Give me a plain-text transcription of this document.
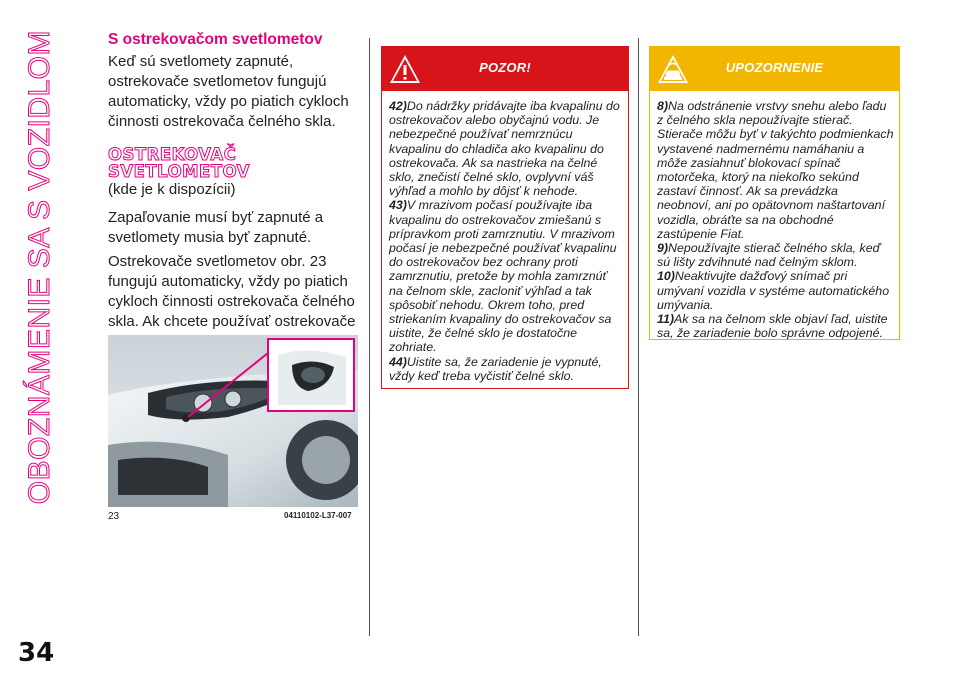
OBOZNÁMENIE SA S VOZIDLOM	S ostrekovačom svetlometov

Keď sú svetlomety zapnuté, ostrekovače svetlometov fungujú automaticky, vždy po piatich cykloch činnosti ostrekovača čelného skla.

OSTREKOVAČ
SVETLOMETOV

(kde je k dispozícii)

Zapaľovanie musí byť zapnuté a svetlomety musia byť zapnuté.

Ostrekovače svetlometov obr. 23 fungujú automaticky, vždy po piatich cykloch činnosti ostrekovača čelného skla. Ak chcete používať ostrekovače

23	04110102-L37-007
POZOR!

42)Do nádržky pridávajte iba kvapalinu do ostrekovačov alebo obyčajnú vodu. Je nebezpečné používať nemrznúcu kvapalinu do chladiča ako kvapalinu do ostrekovača. Ak sa nastrieka na čelné sklo, znečistí čelné sklo, ovplyvní váš výhľad a mohlo by dôjsť k nehode.

43)V mrazivom počasí používajte iba kvapalinu do ostrekovačov zmiešanú s prípravkom proti zamrznutiu. V mrazivom počasí je nebezpečné používať kvapalinu do ostrekovačov bez ochrany proti zamrznutiu, pretože by mohla zamrznúť na čelnom skle, zacloniť výhľad a tak spôsobiť nehodu. Okrem toho, pred striekaním kvapaliny do ostrekovačov sa uistite, že čelné sklo je dostatočne zohriate.

44)Uistite sa, že zariadenie je vypnuté, vždy keď treba vyčistiť čelné sklo.

UPOZORNENIE

8)Na odstránenie vrstvy snehu alebo ľadu z čelného skla nepoužívajte stierač. Stierače môžu byť v takýchto podmienkach vystavené nadmernému namáhaniu a môže zasiahnuť blokovací spínač motorčeka, ktorý na niekoľko sekúnd zastaví činnosť. Ak sa prevádzka neobnoví, ani po opätovnom naštartovaní vozidla, obráťte sa na obchodné zastúpenie Fiat.

9)Nepoužívajte stierač čelného skla, keď sú lišty zdvihnuté nad čelným sklom.

10)Neaktivujte dažďový snímač pri umývaní vozidla v systéme automatického umývania.

11)Ak sa na čelnom skle objaví ľad, uistite sa, že zariadenie bolo správne odpojené.

34
